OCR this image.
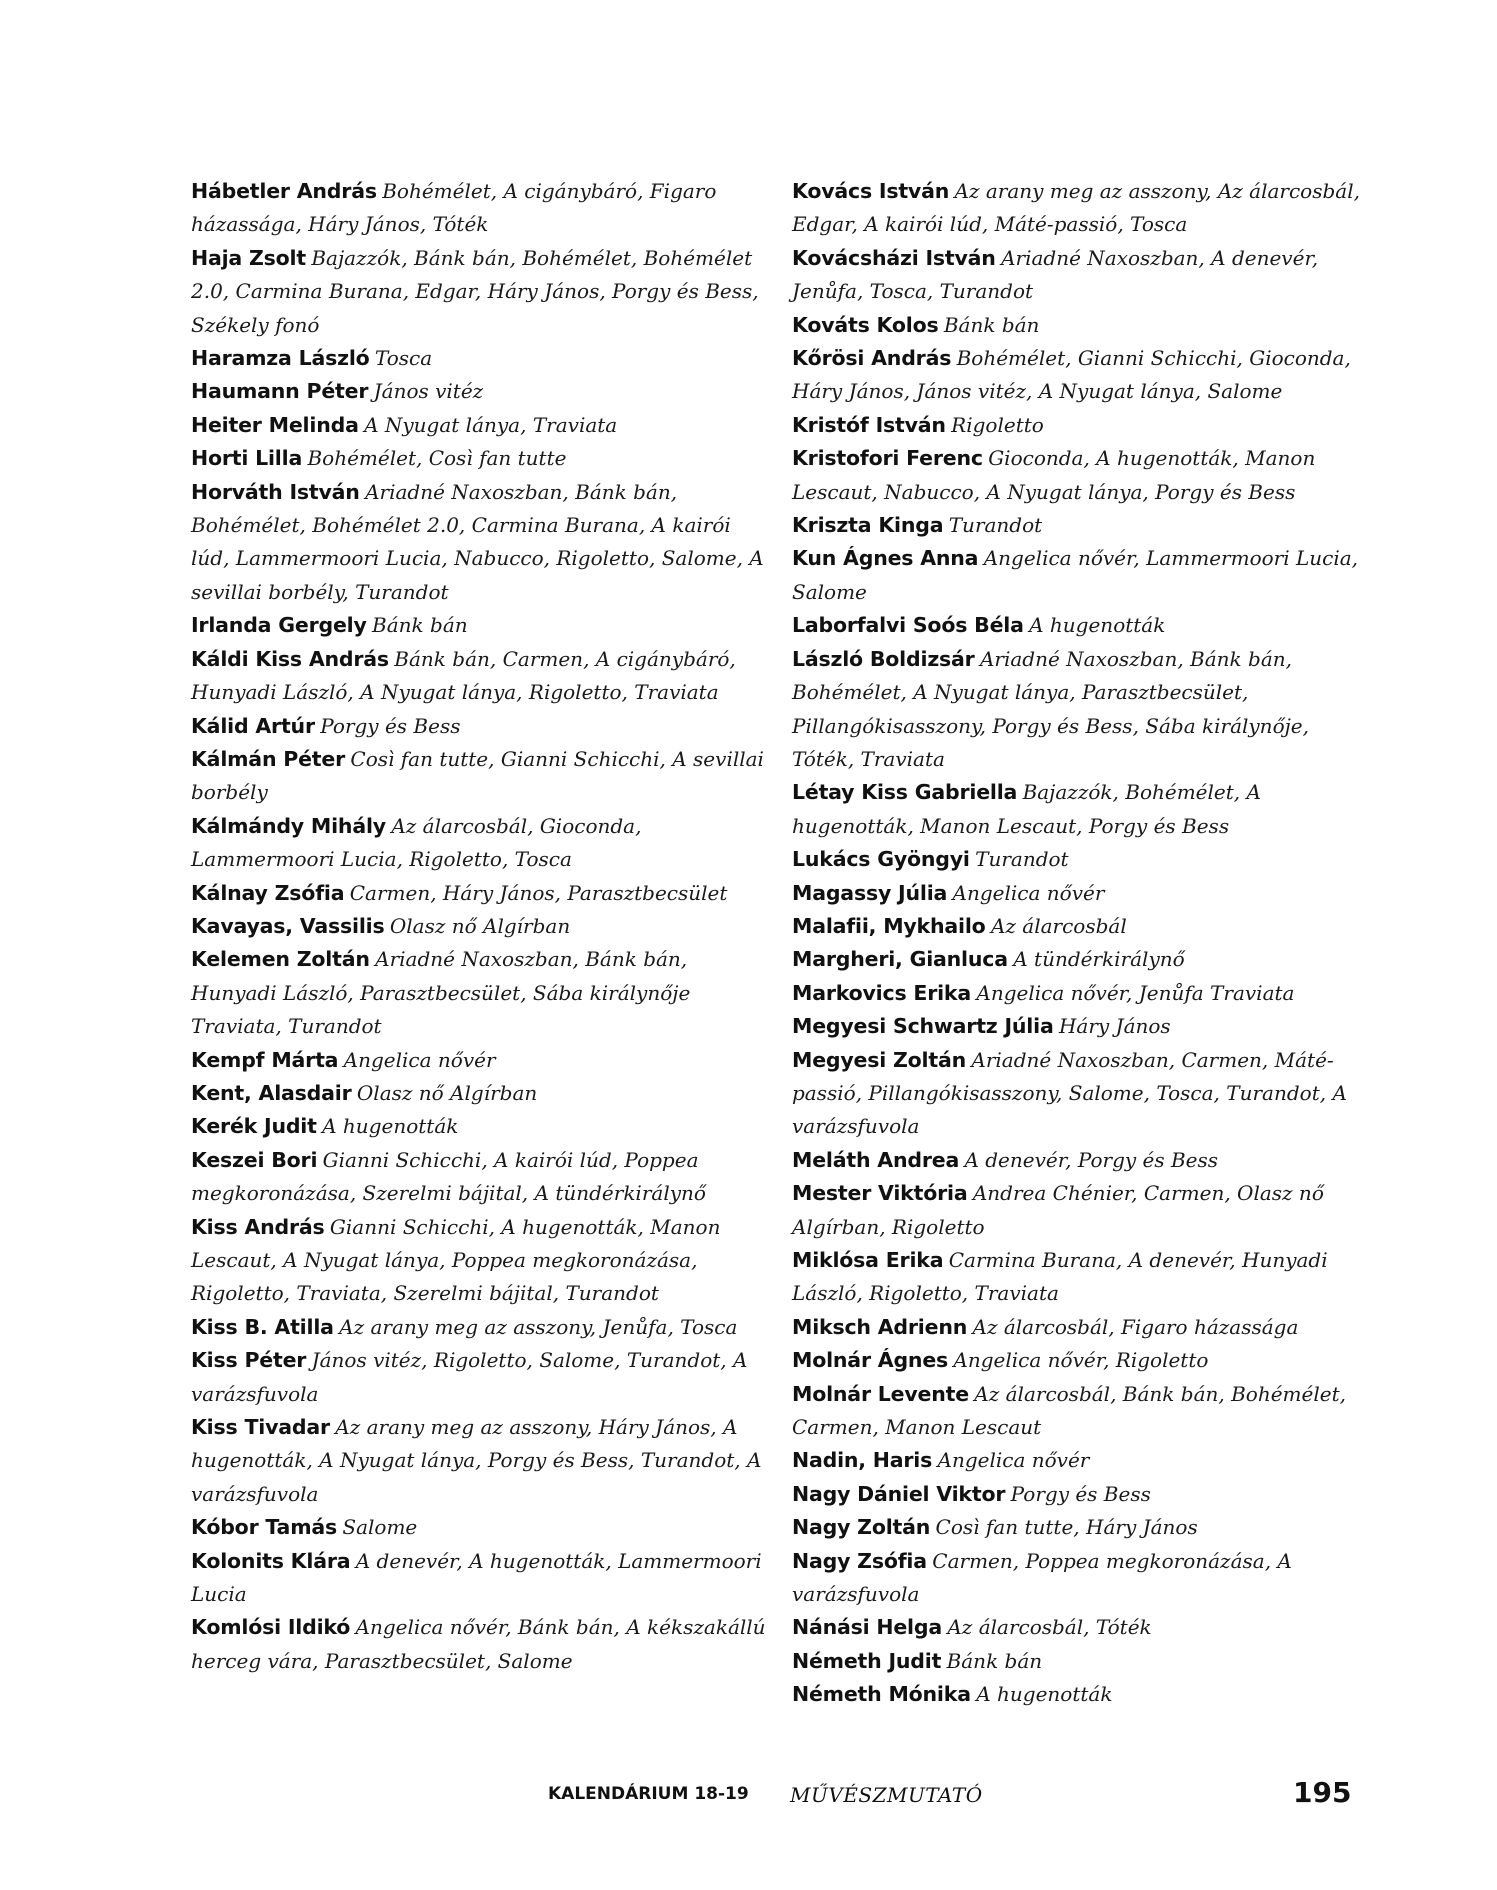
Hábetler András Bohémélet, A cigánybáró, Figaro házassága, Háry János, Tóték

Haja Zsolt Bajazzók, Bánk bán, Bohémélet, Bohémélet 2.0, Carmina Burana, Edgar, Háry János, Porgy és Bess, Székely fonó

Haramza László Tosca

Haumann Péter János vitéz

Heiter Melinda A Nyugat lánya, Traviata

Horti Lilla Bohémélet, Così fan tutte

Horváth István Ariadné Naxoszban, Bánk bán, Bohémélet, Bohémélet 2.0, Carmina Burana, A kairói lúd, Lammermoori Lucia, Nabucco, Rigoletto, Salome, A sevillai borbély, Turandot

Irlanda Gergely Bánk bán

Káldi Kiss András Bánk bán, Carmen, A cigánybáró, Hunyadi László, A Nyugat lánya, Rigoletto, Traviata

Kálid Artúr Porgy és Bess

Kálmán Péter Così fan tutte, Gianni Schicchi, A sevillai borbély

Kálmándy Mihály Az álarcosbál, Gioconda, Lammermoori Lucia, Rigoletto, Tosca

Kálnay Zsófia Carmen, Háry János, Parasztbecsület

Kavayas, Vassilis Olasz nő Algírban

Kelemen Zoltán Ariadné Naxoszban, Bánk bán, Hunyadi László, Parasztbecsület, Sába királynője Traviata, Turandot

Kempf Márta Angelica nővér

Kent, Alasdair Olasz nő Algírban

Kerék Judit A hugenották

Keszei Bori Gianni Schicchi, A kairói lúd, Poppea megkoronázása, Szerelmi bájital, A tündérkirálynő

Kiss András Gianni Schicchi, A hugenották, Manon Lescaut, A Nyugat lánya, Poppea megkoronázása, Rigoletto, Traviata, Szerelmi bájital, Turandot

Kiss B. Atilla Az arany meg az asszony, Jenůfa, Tosca

Kiss Péter János vitéz, Rigoletto, Salome, Turandot, A varázsfuvola

Kiss Tivadar Az arany meg az asszony, Háry János, A hugenották, A Nyugat lánya, Porgy és Bess, Turandot, A varázsfuvola

Kóbor Tamás Salome

Kolonits Klára A denevér, A hugenották, Lammermoori Lucia

Komlósi Ildikó Angelica nővér, Bánk bán, A kékszakállú herceg vára, Parasztbecsület, Salome

Kovács István Az arany meg az asszony, Az álarcosbál, Edgar, A kairói lúd, Máté-passió, Tosca

Kovácsházi István Ariadné Naxoszban, A denevér, Jenůfa, Tosca, Turandot

Kováts Kolos Bánk bán

Kőrösi András Bohémélet, Gianni Schicchi, Gioconda, Háry János, János vitéz, A Nyugat lánya, Salome

Kristóf István Rigoletto

Kristofori Ferenc Gioconda, A hugenották, Manon Lescaut, Nabucco, A Nyugat lánya, Porgy és Bess

Kriszta Kinga Turandot

Kun Ágnes Anna Angelica nővér, Lammermoori Lucia, Salome

Laborfalvi Soós Béla A hugenották

László Boldizsár Ariadné Naxoszban, Bánk bán, Bohémélet, A Nyugat lánya, Parasztbecsület, Pillangókisasszony, Porgy és Bess, Sába királynője, Tóték, Traviata

Létay Kiss Gabriella Bajazzók, Bohémélet, A hugenották, Manon Lescaut, Porgy és Bess

Lukács Gyöngyi Turandot

Magassy Júlia Angelica nővér

Malafii, Mykhailo Az álarcosbál

Margheri, Gianluca A tündérkirálynő

Markovics Erika Angelica nővér, Jenůfa Traviata

Megyesi Schwartz Júlia Háry János

Megyesi Zoltán Ariadné Naxoszban, Carmen, Máté-passió, Pillangókisasszony, Salome, Tosca, Turandot, A varázsfuvola

Meláth Andrea A denevér, Porgy és Bess

Mester Viktória Andrea Chénier, Carmen, Olasz nő Algírban, Rigoletto

Miklósa Erika Carmina Burana, A denevér, Hunyadi László, Rigoletto, Traviata

Miksch Adrienn Az álarcosbál, Figaro házassága

Molnár Ágnes Angelica nővér, Rigoletto

Molnár Levente Az álarcosbál, Bánk bán, Bohémélet, Carmen, Manon Lescaut

Nadin, Haris Angelica nővér

Nagy Dániel Viktor Porgy és Bess

Nagy Zoltán Così fan tutte, Háry János

Nagy Zsófia Carmen, Poppea megkoronázása, A varázsfuvola

Nánási Helga Az álarcosbál, Tóték

Németh Judit Bánk bán

Németh Mónika A hugenották

KALENDÁRIUM 18-19 MŰVÉSZMUTATÓ	195
